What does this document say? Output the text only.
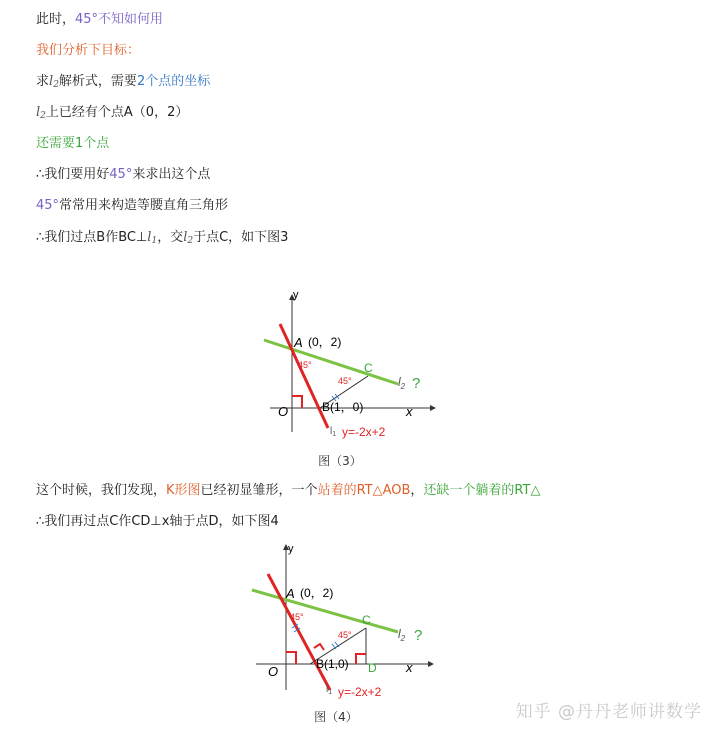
此时，45°不知如何用
我们分析下目标：
求$l_2$解析式，需要2个点的坐标
$l_2$上已经有个点A（0，2）
还需要1个点
∴我们要用好45°来求出这个点
45°常常用来构造等腰直角三角形
∴我们过点B作$BC\perp l_1$，交$l_2$于点C，如下图3
y
x
O
A (0，2)
C
B(1，0)
45°
45°	$l_2$ ?
$l_1$ y=-2x+2
图（3）
这个时候，我们发现，K形图已经初显雏形，一个站着的RT△AOB，还缺一个躺着的RT△
∴我们再过点C作CD⊥x轴于点D，如下图4
y
x
O
A (0，2)
C
B(1,0) D
45°
45°	$l_2$ ?
$l_1$ y=-2x+2
图（4）	知乎 @丹丹老师讲数学
